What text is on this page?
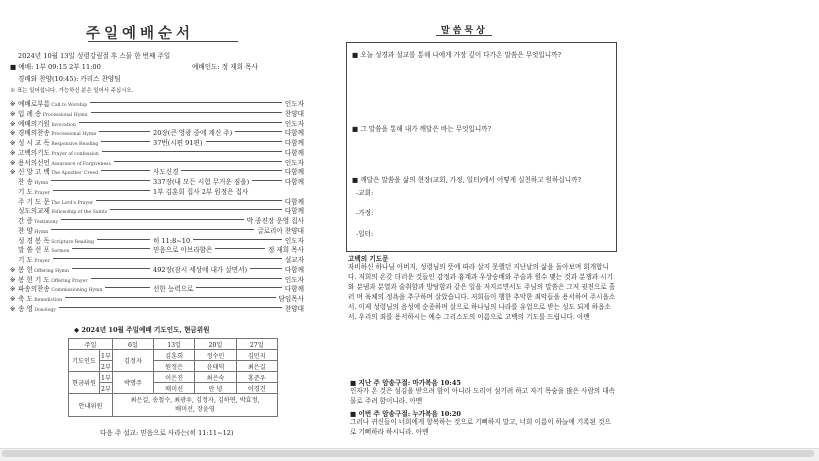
주일예배순서
2024년 10월 13일 성령강림절 후 스물 한 번째 주일
■ 예배: 1부 09:15 2부 11:00	예배인도: 정 재희 목사
경배와 찬양(10:45): 카리스 찬양팀
※ 표는 일어섭니다. 가능하신 분은 일어서 주십시오.
※예배로부름 Call to Worship	인도자
※입 례 송 Processional Hymn	찬양대
※예배의기원 Invocation	인도자
※경배의찬송 Processional Hymn	다함께
20장(큰 영광 중에 계신 주)
※성 시 교 독 Responsive Reading	다함께
37번(시편 91편)
※고백의기도 Prayer of confession	다함께
※용서의선언 Assurance of Forgiveness	인도자
※신 앙 고 백 The Apostles' Creed	다함께
사도신경
찬 송 Hymn	다함께
337장(내 모든 시험 무거운 짐을)
기 도 Prayer	1부 김훈희 집사 2부 원정은 집사
주 기 도 문 The Lord's Prayer	다함께
성도의교제 Fellowship of the Saints	다함께
간 증 Testimony	박 종진장 운영 집사
찬 양 Hymn	글로리아 찬양대
성 경 봉 독 Scripture Reading	인도자
히 11:8~10
말 씀 선 포 Sermon	정 재희 목사
믿음으로 아브라함은
기 도 Prayer	설교자
※봉 헌 Offering Hymn	다함께
492장(잠시 세상에 내가 살면서)
※봉 헌 기 도 Offering Prayer	인도자
※파송의찬송 Commissioning Hymn	다함께
선한 능력으로
※축 도 Benediction	담임목사
※송 영 Doxology	찬양대
◆ 2024년 10월 주일예배 기도인도, 현금위원
주일		6일	13일	20일	27일
기도인도	1부	김정자	김훈희	정수민	김민지
	2부		원정은	윤태덕	최은길
현금위원	1부	박명주	이은진	최은숙	홍준우
	2부		배미선	안 녕	이경건
안내위원		최은길, 송철수, 최광우, 김정자, 김하연, 박효정, 배미선, 장윤영			
다음 주 설교: 믿음으로 사라는(히 11:11~12)
말씀묵상
■ 오늘 성경과 설교를 통해 나에게 가장 깊이 다가온 말씀은 무엇입니까?
■ 그 말씀을 통해 내가 깨달은 바는 무엇입니까?
■ 깨달은 말씀을 삶의 현장(교회, 가정, 일터)에서 어떻게 실천하고 원하십니까?
-교회:
-가정:
-일터:
고백의 기도문
자비하신 하나님 아버지, 성령님의 뜻에 따라 살지 못했던 지난날의 삶을 돌아보며 회개합니다. 저희의 온갖 더러운 것들인 감정과 흉계과 우상숭배와 주술과 원수 맺는 것과 분쟁과 시기와 분냄과 분열과 술취함과 방탕함과 같은 일을 저지르면서도 주님의 말씀은 그저 귓전으로 흘러 며 육체의 정욕을 추구하며 살았습니다. 저희들이 행한 추악한 죄악들을 용서하여 주시옵소서. 이제 성령님의 음성에 순종하며 살으로 하나님의 나라를 유업으로 받는 성도 되게 하옵소서. 우리의 죄를 용서하시는 예수 그리스도의 이름으로 고백의 기도를 드립니다. 아멘
■ 지난 주 암송구절: 마가복음 10:45
인자가 온 것은 섬김을 받으려 함이 아니라 도리어 섬기려 하고 자기 목숨을 많은 사람의 대속물로 주려 함이니라. 아멘
■ 이번 주 암송구절: 누가복음 10:20
그러나 귀신들이 너희에게 항복하는 것으로 기뻐하지 말고, 너희 이름이 하늘에 기록된 것으로 기뻐하라 하시니라. 아멘
